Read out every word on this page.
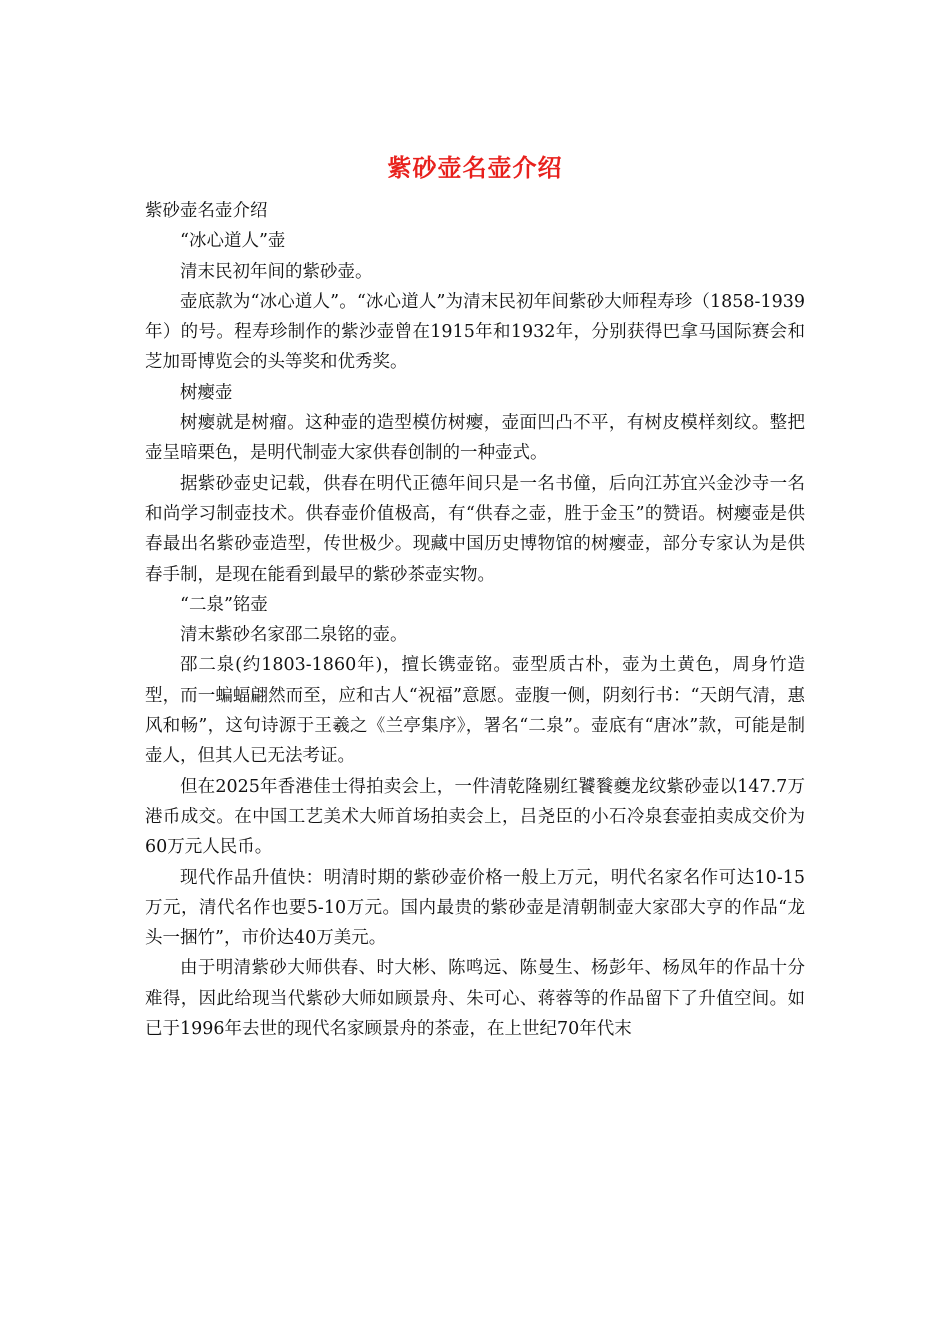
紫砂壶名壶介绍

紫砂壶名壶介绍

“冰心道人”壶

清末民初年间的紫砂壶。

壶底款为“冰心道人”。“冰心道人”为清末民初年间紫砂大师程寿珍（1858-1939年）的号。程寿珍制作的紫沙壶曾在1915年和1932年，分别获得巴拿马国际赛会和芝加哥博览会的头等奖和优秀奖。

树瘿壶

树瘿就是树瘤。这种壶的造型模仿树瘿，壶面凹凸不平，有树皮模样刻纹。整把壶呈暗栗色，是明代制壶大家供春创制的一种壶式。

据紫砂壶史记载，供春在明代正德年间只是一名书僮，后向江苏宜兴金沙寺一名和尚学习制壶技术。供春壶价值极高，有“供春之壶，胜于金玉”的赞语。树瘿壶是供春最出名紫砂壶造型，传世极少。现藏中国历史博物馆的树瘿壶，部分专家认为是供春手制，是现在能看到最早的紫砂茶壶实物。

“二泉”铭壶

清末紫砂名家邵二泉铭的壶。

邵二泉(约1803-1860年)，擅长镌壶铭。壶型质古朴，壶为土黄色，周身竹造型，而一蝙蝠翩然而至，应和古人“祝福”意愿。壶腹一侧，阴刻行书：“天朗气清，惠风和畅”，这句诗源于王羲之《兰亭集序》，署名“二泉”。壶底有“唐冰”款，可能是制壶人，但其人已无法考证。

但在2025年香港佳士得拍卖会上，一件清乾隆剔红饕餮夔龙纹紫砂壶以147.7万港币成交。在中国工艺美术大师首场拍卖会上，吕尧臣的小石冷泉套壶拍卖成交价为60万元人民币。

现代作品升值快：明清时期的紫砂壶价格一般上万元，明代名家名作可达10-15万元，清代名作也要5-10万元。国内最贵的紫砂壶是清朝制壶大家邵大亨的作品“龙头一捆竹”，市价达40万美元。

由于明清紫砂大师供春、时大彬、陈鸣远、陈曼生、杨彭年、杨凤年的作品十分难得，因此给现当代紫砂大师如顾景舟、朱可心、蒋蓉等的作品留下了升值空间。如已于1996年去世的现代名家顾景舟的茶壶，在上世纪70年代末
